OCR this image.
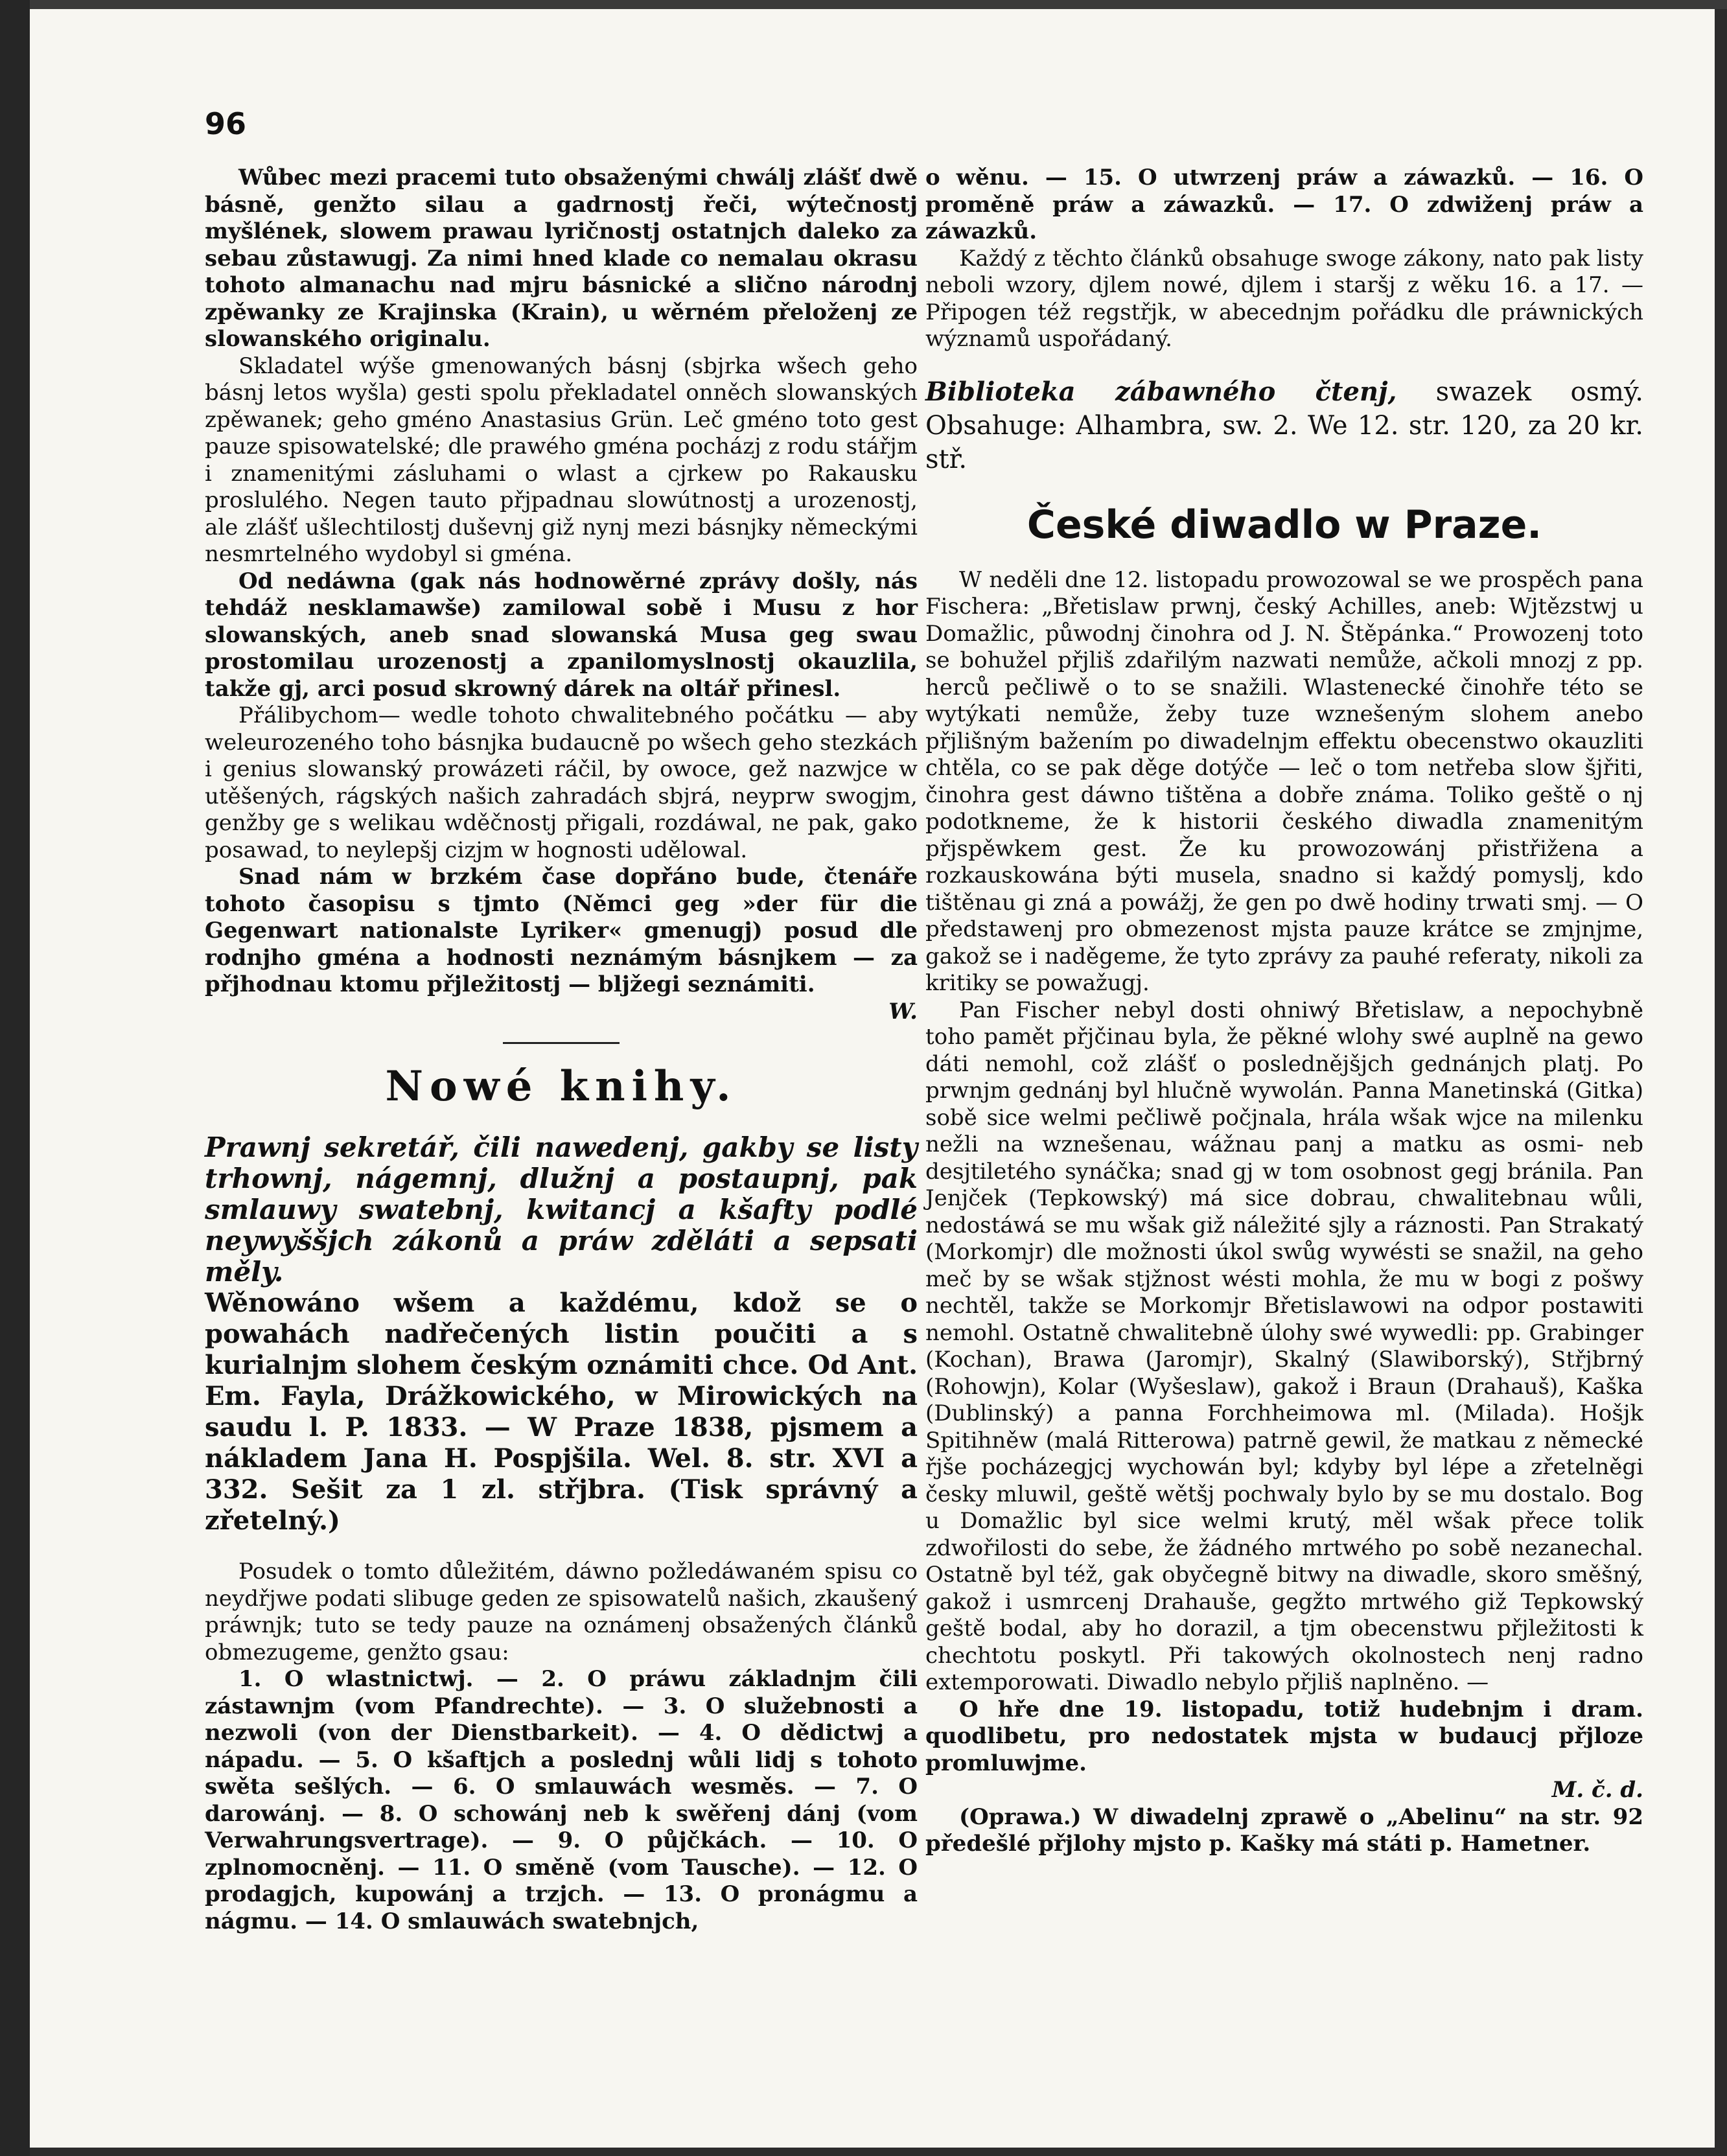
96

Wůbec mezi pracemi tuto obsaženými chwálj zlášť dwě básně, genžto silau a gadrnostj řeči, wýtečnostj myšlének, slowem prawau lyričnostj ostatnjch daleko za sebau zůstawugj. Za nimi hned klade co nemalau okrasu tohoto almanachu nad mjru básnické a slično národnj zpěwanky ze Krajinska (Krain), u wěrném přeloženj ze slowanského originalu.

Skladatel wýše gmenowaných básnj (sbjrka wšech geho básnj letos wyšla) gesti spolu překladatel onněch slowanských zpěwanek; geho gméno Anastasius Grün. Leč gméno toto gest pauze spisowatelské; dle prawého gména pocházj z rodu stářjm i znamenitými zásluhami o wlast a cjrkew po Rakausku proslulého. Negen tauto přjpadnau slowútnostj a urozenostj, ale zlášť ušlechtilostj duševnj giž nynj mezi básnjky německými nesmrtelného wydobyl si gména.

Od nedáwna (gak nás hodnowěrné zprávy došly, nás tehdáž nesklamawše) zamilowal sobě i Musu z hor slowanských, aneb snad slowanská Musa geg swau prostomilau urozenostj a zpanilomyslnostj okauzlila, takže gj, arci posud skrowný dárek na oltář přinesl.

Přálibychom— wedle tohoto chwalitebného počátku — aby weleurozeného toho básnjka budaucně po wšech geho stezkách i genius slowanský prowázeti ráčil, by owoce, gež nazwjce w utěšených, rágských našich zahradách sbjrá, neyprw swogjm, genžby ge s welikau wděčnostj přigali, rozdáwal, ne pak, gako posawad, to neylepšj cizjm w hognosti udělowal.

Snad nám w brzkém čase dopřáno bude, čtenáře tohoto časopisu s tjmto (Němci geg »der für die Gegenwart nationalste Lyriker« gmenugj) posud dle rodnjho gména a hodnosti neznámým básnjkem — za přjhodnau ktomu přjležitostj — bljžegi seznámiti.

W.
Nowé knihy.

Prawnj sekretář, čili nawedenj, gakby se listy trhownj, nágemnj, dlužnj a postaupnj, pak smlauwy swatebnj, kwitancj a kšafty podlé neywyššjch zákonů a práw zděláti a sepsati měly.

Wěnowáno wšem a každému, kdož se o powahách nadřečených listin poučiti a s kurialnjm slohem českým oznámiti chce. Od Ant. Em. Fayla, Drážkowického, w Mirowických na saudu l. P. 1833. — W Praze 1838, pjsmem a nákladem Jana H. Pospjšila. Wel. 8. str. XVI a 332. Sešit za 1 zl. střjbra. (Tisk správný a zřetelný.)

Posudek o tomto důležitém, dáwno požledáwaném spisu co neydřjwe podati slibuge geden ze spisowatelů našich, zkaušený práwnjk; tuto se tedy pauze na oznámenj obsažených článků obmezugeme, genžto gsau:

1. O wlastnictwj. — 2. O práwu základnjm čili zástawnjm (vom Pfandrechte). — 3. O služebnosti a nezwoli (von der Dienstbarkeit). — 4. O dědictwj a nápadu. — 5. O kšaftjch a poslednj wůli lidj s tohoto swěta sešlých. — 6. O smlauwách wesměs. — 7. O darowánj. — 8. O schowánj neb k swěřenj dánj (vom Verwahrungsvertrage). — 9. O půjčkách. — 10. O zplnomocněnj. — 11. O směně (vom Tausche). — 12. O prodagjch, kupowánj a trzjch. — 13. O pronágmu a nágmu. — 14. O smlauwách swatebnjch,

o wěnu. — 15. O utwrzenj práw a záwazků. — 16. O proměně práw a záwazků. — 17. O zdwiženj práw a záwazků.

Každý z těchto článků obsahuge swoge zákony, nato pak listy neboli wzory, djlem nowé, djlem i staršj z wěku 16. a 17. — Připogen též regstřjk, w abecednjm pořádku dle práwnických wýznamů uspořádaný.

Biblioteka zábawného čtenj, swazek osmý. Obsahuge: Alhambra, sw. 2. We 12. str. 120, za 20 kr. stř.

České diwadlo w Praze.

W neděli dne 12. listopadu prowozowal se we prospěch pana Fischera: „Břetislaw prwnj, český Achilles, aneb: Wjtězstwj u Domažlic, půwodnj činohra od J. N. Štěpánka.“ Prowozenj toto se bohužel přjliš zdařilým nazwati nemůže, ačkoli mnozj z pp. herců pečliwě o to se snažili. Wlastenecké činohře této se wytýkati nemůže, žeby tuze wznešeným slohem anebo přjlišným bažením po diwadelnjm effektu obecenstwo okauzliti chtěla, co se pak děge dotýče — leč o tom netřeba slow šjřiti, činohra gest dáwno tištěna a dobře známa. Toliko geště o nj podotkneme, že k historii českého diwadla znamenitým přjspěwkem gest. Že ku prowozowánj přistřižena a rozkauskowána býti musela, snadno si každý pomyslj, kdo tištěnau gi zná a powážj, že gen po dwě hodiny trwati smj. — O předstawenj pro obmezenost mjsta pauze krátce se zmjnjme, gakož se i naděgeme, že tyto zprávy za pauhé referaty, nikoli za kritiky se powažugj.

Pan Fischer nebyl dosti ohniwý Břetislaw, a nepochybně toho pamět přjčinau byla, že pěkné wlohy swé auplně na gewo dáti nemohl, což zlášť o poslednějšjch gednánjch platj. Po prwnjm gednánj byl hlučně wywolán. Panna Manetinská (Gitka) sobě sice welmi pečliwě počjnala, hrála wšak wjce na milenku nežli na wznešenau, wážnau panj a matku as osmi- neb desjtiletého synáčka; snad gj w tom osobnost gegj bránila. Pan Jenjček (Tepkowský) má sice dobrau, chwalitebnau wůli, nedostáwá se mu wšak giž náležité sjly a ráznosti. Pan Strakatý (Morkomjr) dle možnosti úkol swůg wywésti se snažil, na geho meč by se wšak stjžnost wésti mohla, že mu w bogi z pošwy nechtěl, takže se Morkomjr Břetislawowi na odpor postawiti nemohl. Ostatně chwalitebně úlohy swé wywedli: pp. Grabinger (Kochan), Brawa (Jaromjr), Skalný (Slawiborský), Střjbrný (Rohowjn), Kolar (Wyšeslaw), gakož i Braun (Drahauš), Kaška (Dublinský) a panna Forchheimowa ml. (Milada). Hošjk Spitihněw (malá Ritterowa) patrně gewil, že matkau z německé řjše pocházegjcj wychowán byl; kdyby byl lépe a zřetelněgi česky mluwil, geště wětšj pochwaly bylo by se mu dostalo. Bog u Domažlic byl sice welmi krutý, měl wšak přece tolik zdwořilosti do sebe, že žádného mrtwého po sobě nezanechal. Ostatně byl též, gak obyčegně bitwy na diwadle, skoro směšný, gakož i usmrcenj Drahauše, gegžto mrtwého giž Tepkowský geště bodal, aby ho dorazil, a tjm obecenstwu přjležitosti k chechtotu poskytl. Při takowých okolnostech nenj radno extemporowati. Diwadlo nebylo přjliš naplněno. —

O hře dne 19. listopadu, totiž hudebnjm i dram. quodlibetu, pro nedostatek mjsta w budaucj přjloze promluwjme.

M. č. d.

(Oprawa.) W diwadelnj zprawě o „Abelinu“ na str. 92 předešlé přjlohy mjsto p. Kašky má státi p. Hametner.
